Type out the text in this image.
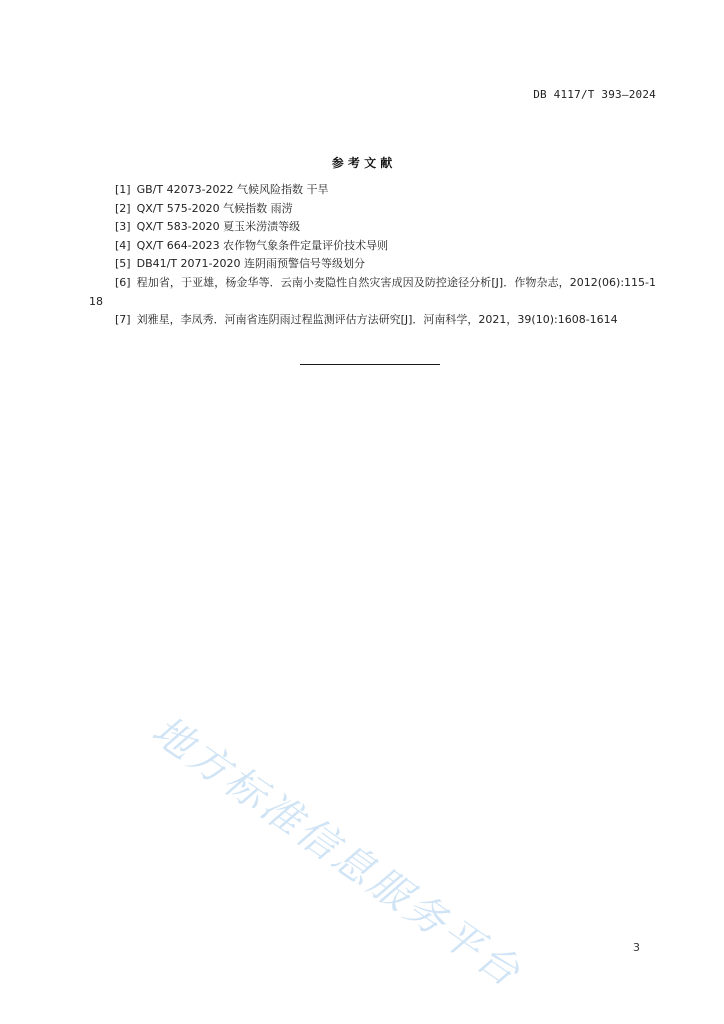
DB 4117/T 393—2024
参 考 文 献
[1] GB/T 42073-2022 气候风险指数 干旱
[2] QX/T 575-2020 气候指数 雨涝
[3] QX/T 583-2020 夏玉米涝渍等级
[4] QX/T 664-2023 农作物气象条件定量评价技术导则
[5] DB41/T 2071-2020 连阴雨预警信号等级划分
[6] 程加省，于亚雄，杨金华等．云南小麦隐性自然灾害成因及防控途径分析[J]．作物杂志，2012(06):115-118
[7] 刘雅星，李凤秀．河南省连阴雨过程监测评估方法研究[J]．河南科学，2021，39(10):1608-1614
地方标准信息服务平台	3
